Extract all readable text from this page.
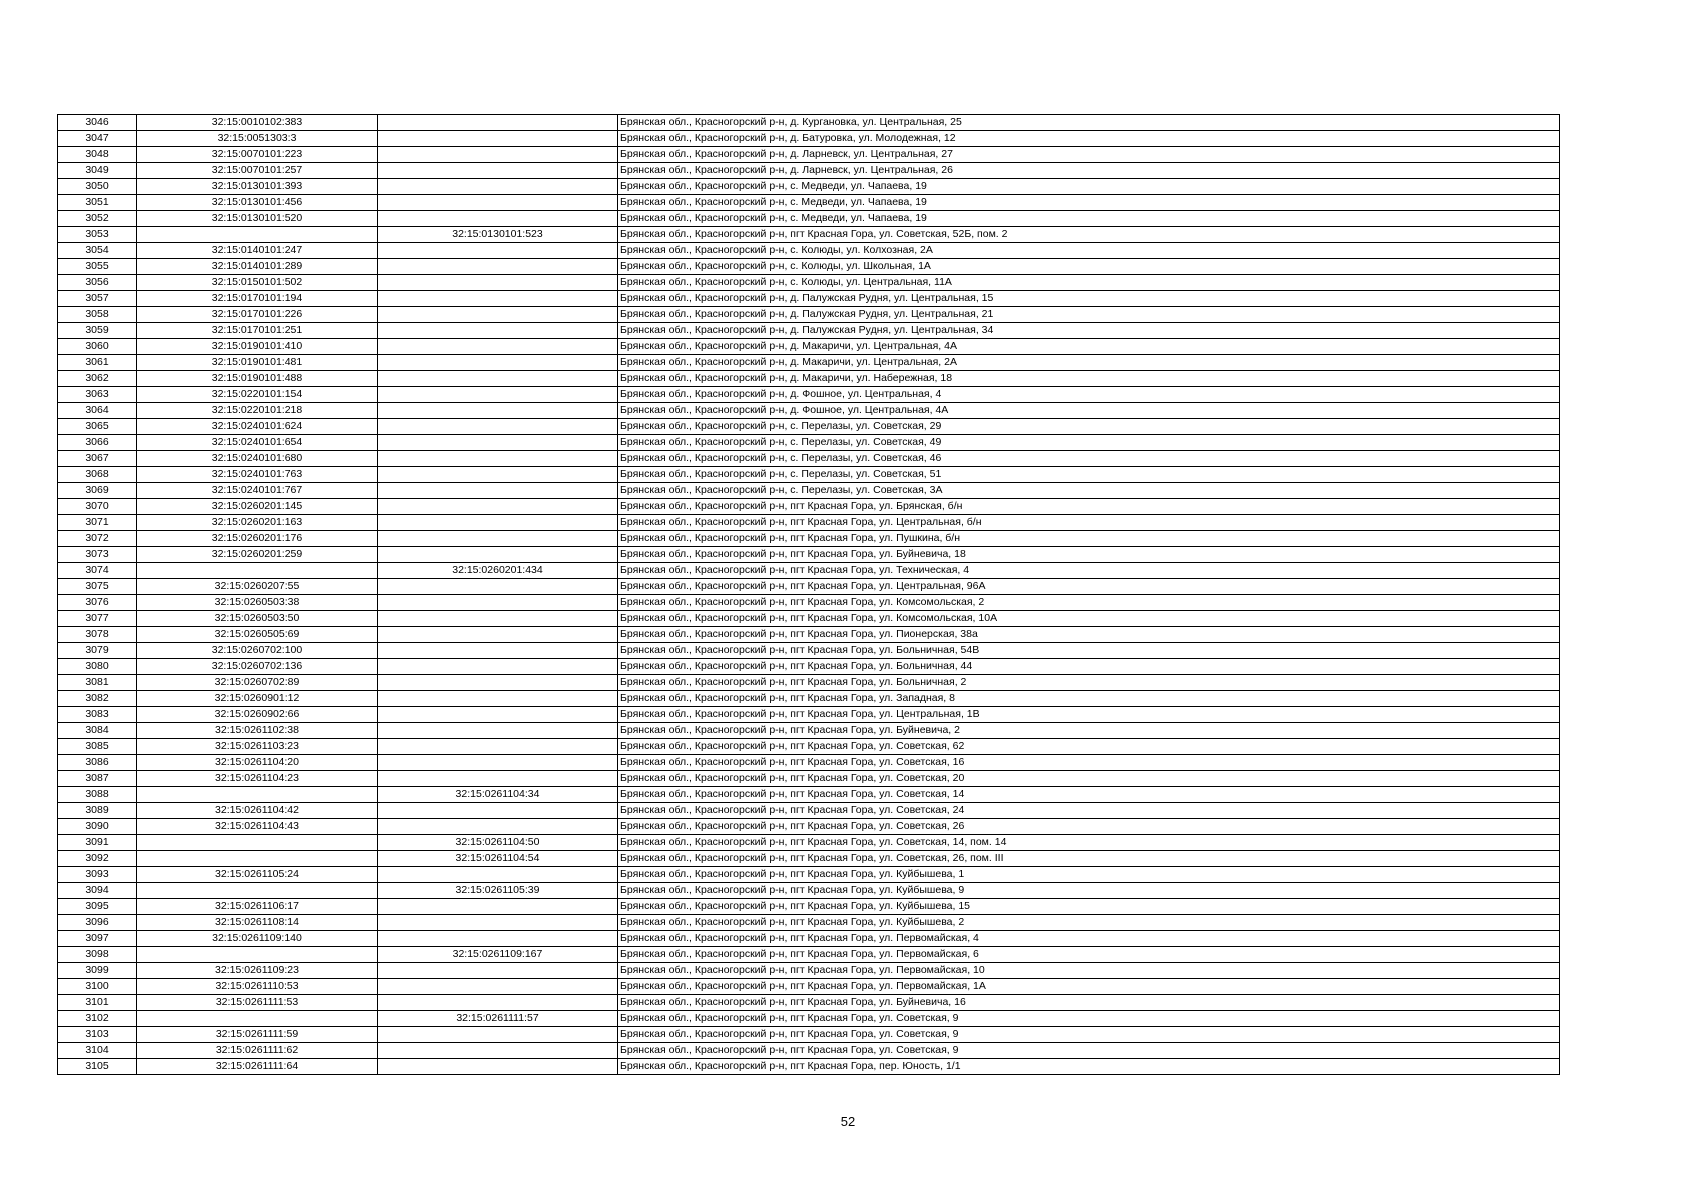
3046	32:15:0010102:383		Брянская обл., Красногорский р-н, д. Кургановка, ул. Центральная, 25
3047	32:15:0051303:3		Брянская обл., Красногорский р-н, д. Батуровка, ул. Молодежная, 12
3048	32:15:0070101:223		Брянская обл., Красногорский р-н, д. Ларневск, ул. Центральная, 27
3049	32:15:0070101:257		Брянская обл., Красногорский р-н, д. Ларневск, ул. Центральная, 26
3050	32:15:0130101:393		Брянская обл., Красногорский р-н, с. Медведи, ул. Чапаева, 19
3051	32:15:0130101:456		Брянская обл., Красногорский р-н, с. Медведи, ул. Чапаева, 19
3052	32:15:0130101:520		Брянская обл., Красногорский р-н, с. Медведи, ул. Чапаева, 19
3053		32:15:0130101:523	Брянская обл., Красногорский р-н, пгт Красная Гора, ул. Советская, 52Б, пом. 2
3054	32:15:0140101:247		Брянская обл., Красногорский р-н, с. Колюды, ул. Колхозная, 2А
3055	32:15:0140101:289		Брянская обл., Красногорский р-н, с. Колюды, ул. Школьная, 1А
3056	32:15:0150101:502		Брянская обл., Красногорский р-н, с. Колюды, ул. Центральная, 11А
3057	32:15:0170101:194		Брянская обл., Красногорский р-н, д. Палужская Рудня, ул. Центральная, 15
3058	32:15:0170101:226		Брянская обл., Красногорский р-н, д. Палужская Рудня, ул. Центральная, 21
3059	32:15:0170101:251		Брянская обл., Красногорский р-н, д. Палужская Рудня, ул. Центральная, 34
3060	32:15:0190101:410		Брянская обл., Красногорский р-н, д. Макаричи, ул. Центральная, 4А
3061	32:15:0190101:481		Брянская обл., Красногорский р-н, д. Макаричи, ул. Центральная, 2А
3062	32:15:0190101:488		Брянская обл., Красногорский р-н, д. Макаричи, ул. Набережная, 18
3063	32:15:0220101:154		Брянская обл., Красногорский р-н, д. Фошное, ул. Центральная, 4
3064	32:15:0220101:218		Брянская обл., Красногорский р-н, д. Фошное, ул. Центральная, 4А
3065	32:15:0240101:624		Брянская обл., Красногорский р-н, с. Перелазы, ул. Советская, 29
3066	32:15:0240101:654		Брянская обл., Красногорский р-н, с. Перелазы, ул. Советская, 49
3067	32:15:0240101:680		Брянская обл., Красногорский р-н, с. Перелазы, ул. Советская, 46
3068	32:15:0240101:763		Брянская обл., Красногорский р-н, с. Перелазы, ул. Советская, 51
3069	32:15:0240101:767		Брянская обл., Красногорский р-н, с. Перелазы, ул. Советская, 3А
3070	32:15:0260201:145		Брянская обл., Красногорский р-н, пгт Красная Гора, ул. Брянская, б/н
3071	32:15:0260201:163		Брянская обл., Красногорский р-н, пгт Красная Гора, ул. Центральная, б/н
3072	32:15:0260201:176		Брянская обл., Красногорский р-н, пгт Красная Гора, ул. Пушкина, б/н
3073	32:15:0260201:259		Брянская обл., Красногорский р-н, пгт Красная Гора, ул. Буйневича, 18
3074		32:15:0260201:434	Брянская обл., Красногорский р-н, пгт Красная Гора, ул. Техническая, 4
3075	32:15:0260207:55		Брянская обл., Красногорский р-н, пгт Красная Гора, ул. Центральная, 96А
3076	32:15:0260503:38		Брянская обл., Красногорский р-н, пгт Красная Гора, ул. Комсомольская, 2
3077	32:15:0260503:50		Брянская обл., Красногорский р-н, пгт Красная Гора, ул. Комсомольская, 10А
3078	32:15:0260505:69		Брянская обл., Красногорский р-н, пгт Красная Гора, ул. Пионерская, 38а
3079	32:15:0260702:100		Брянская обл., Красногорский р-н, пгт Красная Гора, ул. Больничная, 54В
3080	32:15:0260702:136		Брянская обл., Красногорский р-н, пгт Красная Гора, ул. Больничная, 44
3081	32:15:0260702:89		Брянская обл., Красногорский р-н, пгт Красная Гора, ул. Больничная, 2
3082	32:15:0260901:12		Брянская обл., Красногорский р-н, пгт Красная Гора, ул. Западная, 8
3083	32:15:0260902:66		Брянская обл., Красногорский р-н, пгт Красная Гора, ул. Центральная, 1В
3084	32:15:0261102:38		Брянская обл., Красногорский р-н, пгт Красная Гора, ул. Буйневича, 2
3085	32:15:0261103:23		Брянская обл., Красногорский р-н, пгт Красная Гора, ул. Советская, 62
3086	32:15:0261104:20		Брянская обл., Красногорский р-н, пгт Красная Гора, ул. Советская, 16
3087	32:15:0261104:23		Брянская обл., Красногорский р-н, пгт Красная Гора, ул. Советская, 20
3088		32:15:0261104:34	Брянская обл., Красногорский р-н, пгт Красная Гора, ул. Советская, 14
3089	32:15:0261104:42		Брянская обл., Красногорский р-н, пгт Красная Гора, ул. Советская, 24
3090	32:15:0261104:43		Брянская обл., Красногорский р-н, пгт Красная Гора, ул. Советская, 26
3091		32:15:0261104:50	Брянская обл., Красногорский р-н, пгт Красная Гора, ул. Советская, 14, пом. 14
3092		32:15:0261104:54	Брянская обл., Красногорский р-н, пгт Красная Гора, ул. Советская, 26, пом. III
3093	32:15:0261105:24		Брянская обл., Красногорский р-н, пгт Красная Гора, ул. Куйбышева, 1
3094		32:15:0261105:39	Брянская обл., Красногорский р-н, пгт Красная Гора, ул. Куйбышева, 9
3095	32:15:0261106:17		Брянская обл., Красногорский р-н, пгт Красная Гора, ул. Куйбышева, 15
3096	32:15:0261108:14		Брянская обл., Красногорский р-н, пгт Красная Гора, ул. Куйбышева, 2
3097	32:15:0261109:140		Брянская обл., Красногорский р-н, пгт Красная Гора, ул. Первомайская, 4
3098		32:15:0261109:167	Брянская обл., Красногорский р-н, пгт Красная Гора, ул. Первомайская, 6
3099	32:15:0261109:23		Брянская обл., Красногорский р-н, пгт Красная Гора, ул. Первомайская, 10
3100	32:15:0261110:53		Брянская обл., Красногорский р-н, пгт Красная Гора, ул. Первомайская, 1А
3101	32:15:0261111:53		Брянская обл., Красногорский р-н, пгт Красная Гора, ул. Буйневича, 16
3102		32:15:0261111:57	Брянская обл., Красногорский р-н, пгт Красная Гора, ул. Советская, 9
3103	32:15:0261111:59		Брянская обл., Красногорский р-н, пгт Красная Гора, ул. Советская, 9
3104	32:15:0261111:62		Брянская обл., Красногорский р-н, пгт Красная Гора, ул. Советская, 9
3105	32:15:0261111:64		Брянская обл., Красногорский р-н, пгт Красная Гора, пер. Юность, 1/1
52
